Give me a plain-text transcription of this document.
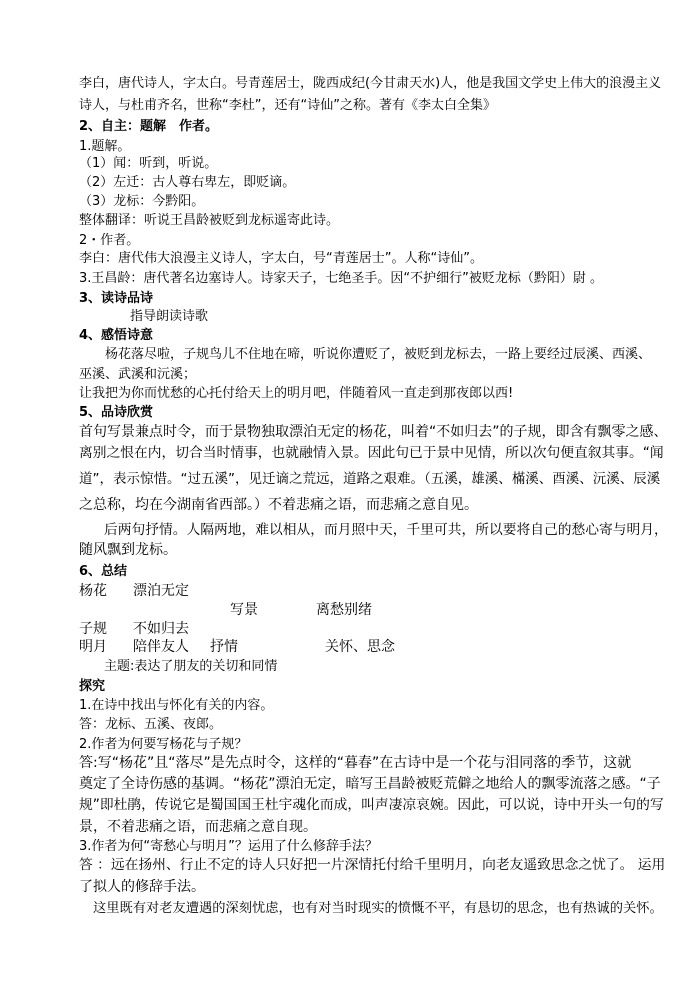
李白，唐代诗人，字太白。号青莲居士，陇西成纪(今甘肃天水)人，他是我国文学史上伟大的浪漫主义
诗人，与杜甫齐名，世称“李杜”，还有“诗仙”之称。著有《李太白全集》
2、自主：题解　作者。
1.题解。
（1）闻：听到，听说。
（2）左迁：古人尊右卑左，即贬谪。
（3）龙标：今黔阳。
整体翻译：听说王昌龄被贬到龙标遥寄此诗。
2・作者。
李白：唐代伟大浪漫主义诗人，字太白，号“青莲居士”。人称“诗仙”。
3.王昌龄：唐代著名边塞诗人。诗家天子，七绝圣手。因“不护细行”被贬龙标（黔阳）尉 。
3、读诗品诗
指导朗读诗歌
4、感悟诗意
杨花落尽啦，子规鸟儿不住地在啼，听说你遭贬了，被贬到龙标去，一路上要经过辰溪、西溪、
巫溪、武溪和沅溪；
让我把为你而忧愁的心托付给天上的明月吧，伴随着风一直走到那夜郎以西!
5、品诗欣赏
首句写景兼点时令，而于景物独取漂泊无定的杨花，叫着“不如归去”的子规，即含有飘零之感、
离别之恨在内，切合当时情事，也就融情入景。因此句已于景中见情，所以次句便直叙其事。“闻
道”，表示惊惜。“过五溪”，见迁谪之荒远，道路之艰难。（五溪，雄溪、樠溪、酉溪、沅溪、辰溪
之总称，均在今湖南省西部。）不着悲痛之语，而悲痛之意自见。
后两句抒情。人隔两地，难以相从，而月照中天，千里可共，所以要将自己的愁心寄与明月，
随风飘到龙标。
6、总结
杨花 漂泊无定
写景	离愁别绪
子规 不如归去
明月 陪伴友人 抒情	关怀、思念
主题:表达了朋友的关切和同情
探究
1.在诗中找出与怀化有关的内容。
答：龙标、五溪、夜郎。
2.作者为何要写杨花与子规？
答:写“杨花”且“落尽”是先点时令，这样的“暮春”在古诗中是一个花与泪同落的季节，这就
奠定了全诗伤感的基调。“杨花”漂泊无定，暗写王昌龄被贬荒僻之地给人的飘零流落之感。“子
规”即杜鹃，传说它是蜀国国王杜宇魂化而成，叫声凄凉哀婉。因此，可以说，诗中开头一句的写
景，不着悲痛之语，而悲痛之意自现。
3.作者为何“寄愁心与明月”？运用了什么修辞手法？
答 ：远在扬州、行止不定的诗人只好把一片深情托付给千里明月，向老友遥致思念之忧了。 运用
了拟人的修辞手法。
这里既有对老友遭遇的深刻忧虑，也有对当时现实的愤慨不平，有恳切的思念，也有热诚的关怀。
